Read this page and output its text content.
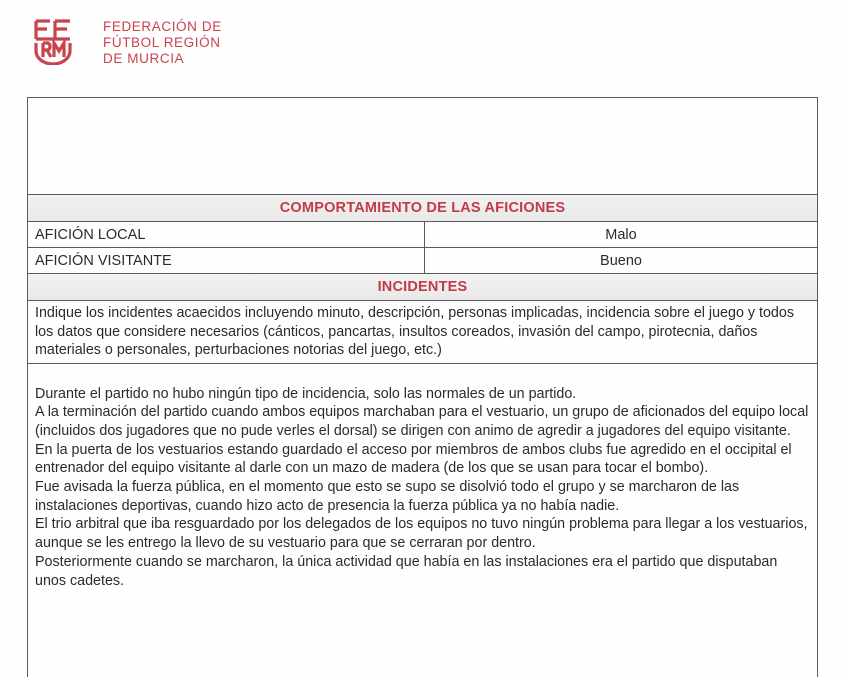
FEDERACIÓN DE
FÚTBOL REGIÓN
DE MURCIA
COMPORTAMIENTO DE LAS AFICIONES
AFICIÓN LOCAL	Malo
AFICIÓN VISITANTE	Bueno
INCIDENTES
Indique los incidentes acaecidos incluyendo minuto, descripción, personas implicadas, incidencia sobre el juego y todos los datos que considere necesarios (cánticos, pancartas, insultos coreados, invasión del campo, pirotecnia, daños materiales o personales, perturbaciones notorias del juego, etc.)

Durante el partido no hubo ningún tipo de incidencia, solo las normales de un partido.

A la terminación del partido cuando ambos equipos marchaban para el vestuario, un grupo de aficionados del equipo local (incluidos dos jugadores que no pude verles el dorsal) se dirigen con animo de agredir a jugadores del equipo visitante.

En la puerta de los vestuarios estando guardado el acceso por miembros de ambos clubs fue agredido en el occipital el entrenador del equipo visitante al darle con un mazo de madera (de los que se usan para tocar el bombo).

Fue avisada la fuerza pública, en el momento que esto se supo se disolvió todo el grupo y se marcharon de las instalaciones deportivas, cuando hizo acto de presencia la fuerza pública ya no había nadie.

El trio arbitral que iba resguardado por los delegados de los equipos no tuvo ningún problema para llegar a los vestuarios, aunque se les entrego la llevo de su vestuario para que se cerraran por dentro.

Posteriormente cuando se marcharon, la única actividad que había en las instalaciones era el partido que disputaban unos cadetes.
